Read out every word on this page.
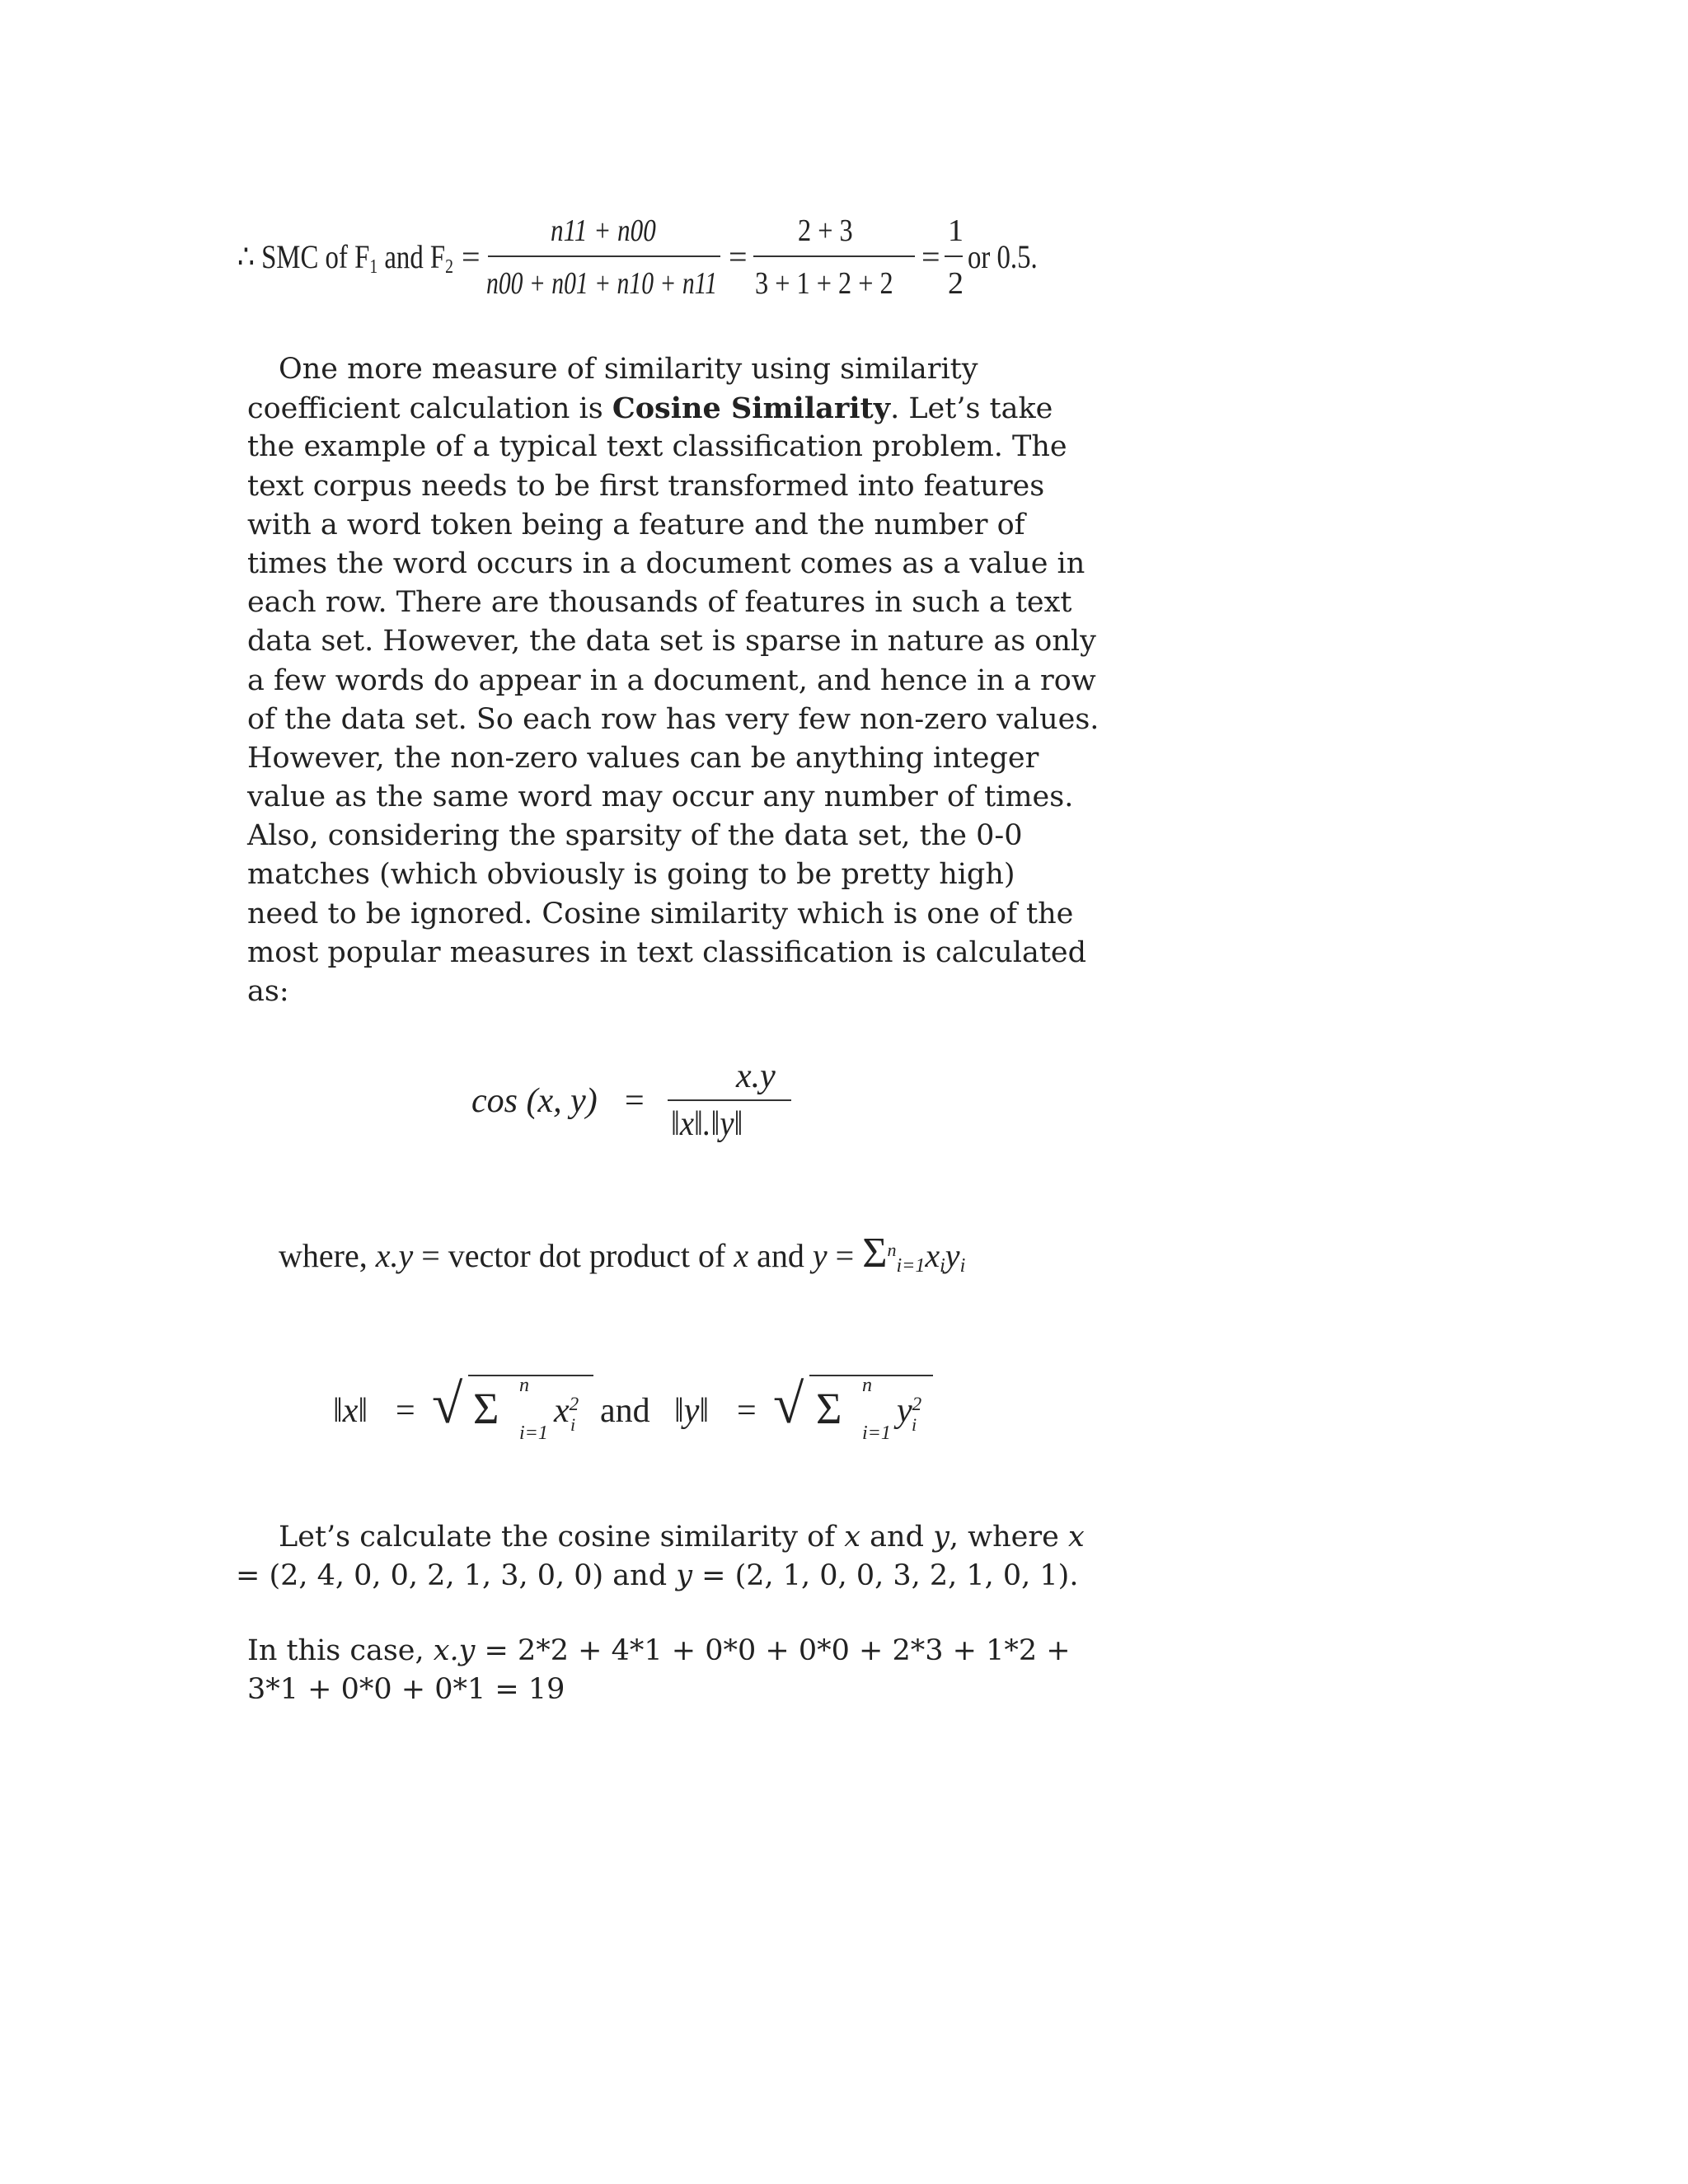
∴ SMC of $F_1$ and $F_2$ =
n11 + n00
n00 + n01 + n10 + n11
=
2 + 3
3 + 1 + 2 + 2
=
1
2
or 0.5.
One more measure of similarity using similarity
coefficient calculation is Cosine Similarity. Let’s take
the example of a typical text classification problem. The
text corpus needs to be first transformed into features
with a word token being a feature and the number of
times the word occurs in a document comes as a value in
each row. There are thousands of features in such a text
data set. However, the data set is sparse in nature as only
a few words do appear in a document, and hence in a row
of the data set. So each row has very few non-zero values.
However, the non-zero values can be anything integer
value as the same word may occur any number of times.
Also, considering the sparsity of the data set, the 0-0
matches (which obviously is going to be pretty high)
need to be ignored. Cosine similarity which is one of the
most popular measures in text classification is calculated
as:
cos (x, y) =
x.y
‖x‖.‖y‖
where, x.y = vector dot product of x and $y = \Sigma^n_{i=1}x_iy_i$
‖x‖ = √ Σ n
i=1
$x^2$
i and ‖y‖ = √ Σ n
i=1
$y^2$
i
Let’s calculate the cosine similarity of x and y, where x
= (2, 4, 0, 0, 2, 1, 3, 0, 0) and y = (2, 1, 0, 0, 3, 2, 1, 0, 1).
In this case, x.y = 2*2 + 4*1 + 0*0 + 0*0 + 2*3 + 1*2 +
3*1 + 0*0 + 0*1 = 19
